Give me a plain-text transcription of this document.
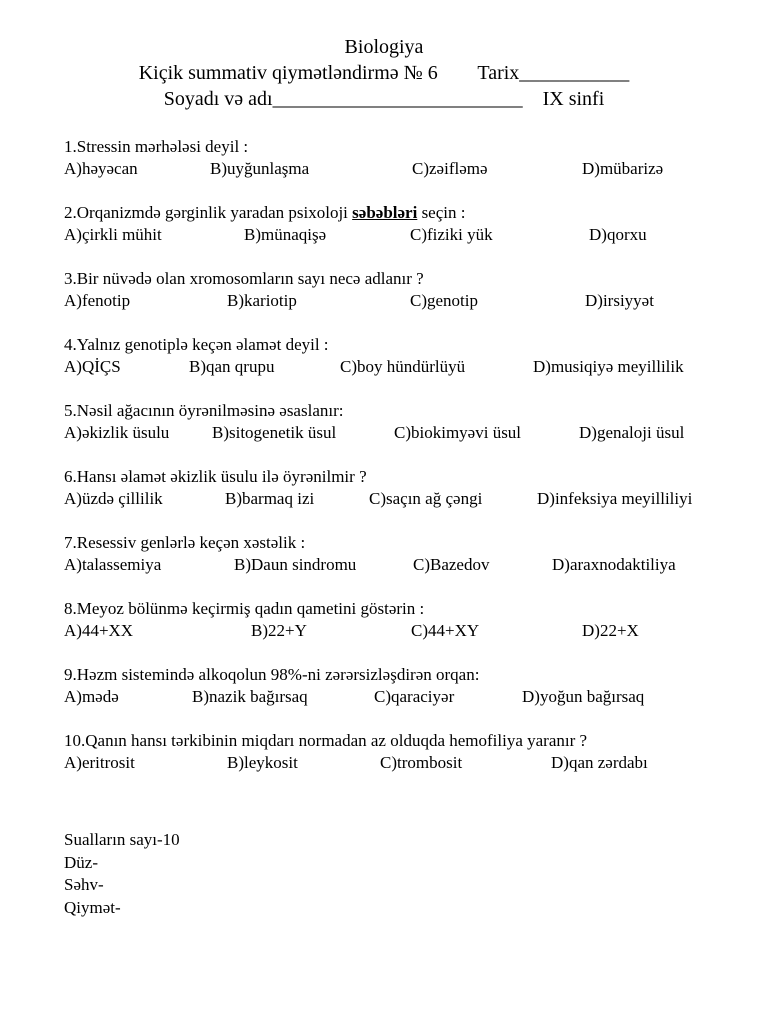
Biologiya
Kiçik summativ qiymətləndirmə № 6        Tarix___________
Soyadı və adı_________________________    IX sinfi
1.Stressin mərhələsi deyil :
A)həyəcan	B)uyğunlaşma	C)zəifləmə	D)mübarizə
2.Orqanizmdə gərginlik yaradan psixoloji səbəbləri seçin :
A)çirkli mühit	B)münaqişə	C)fiziki yük	D)qorxu
3.Bir nüvədə olan xromosomların sayı necə adlanır ?
A)fenotip	B)kariotip	C)genotip	D)irsiyyət
4.Yalnız genotiplə keçən əlamət deyil :
A)QİÇS	B)qan qrupu	C)boy hündürlüyü	D)musiqiyə meyillilik
5.Nəsil ağacının öyrənilməsinə əsaslanır:
A)əkizlik üsulu	B)sitogenetik üsul	C)biokimyəvi üsul	D)genaloji üsul
6.Hansı əlamət əkizlik üsulu ilə öyrənilmir ?
A)üzdə çillilik	B)barmaq izi	C)saçın ağ çəngi	D)infeksiya meyilliliyi
7.Resessiv genlərlə keçən xəstəlik :
A)talassemiya	B)Daun sindromu	C)Bazedov	D)araxnodaktiliya
8.Meyoz bölünmə keçirmiş qadın qametini göstərin :
A)44+XX	B)22+Y	C)44+XY	D)22+X
9.Həzm sistemində alkoqolun 98%-ni zərərsizləşdirən orqan:
A)mədə	B)nazik bağırsaq	C)qaraciyər	D)yoğun bağırsaq
10.Qanın hansı tərkibinin miqdarı normadan az olduqda hemofiliya yaranır ?
A)eritrosit	B)leykosit	C)trombosit	D)qan zərdabı
Sualların sayı-10
Düz-
Səhv-
Qiymət-
